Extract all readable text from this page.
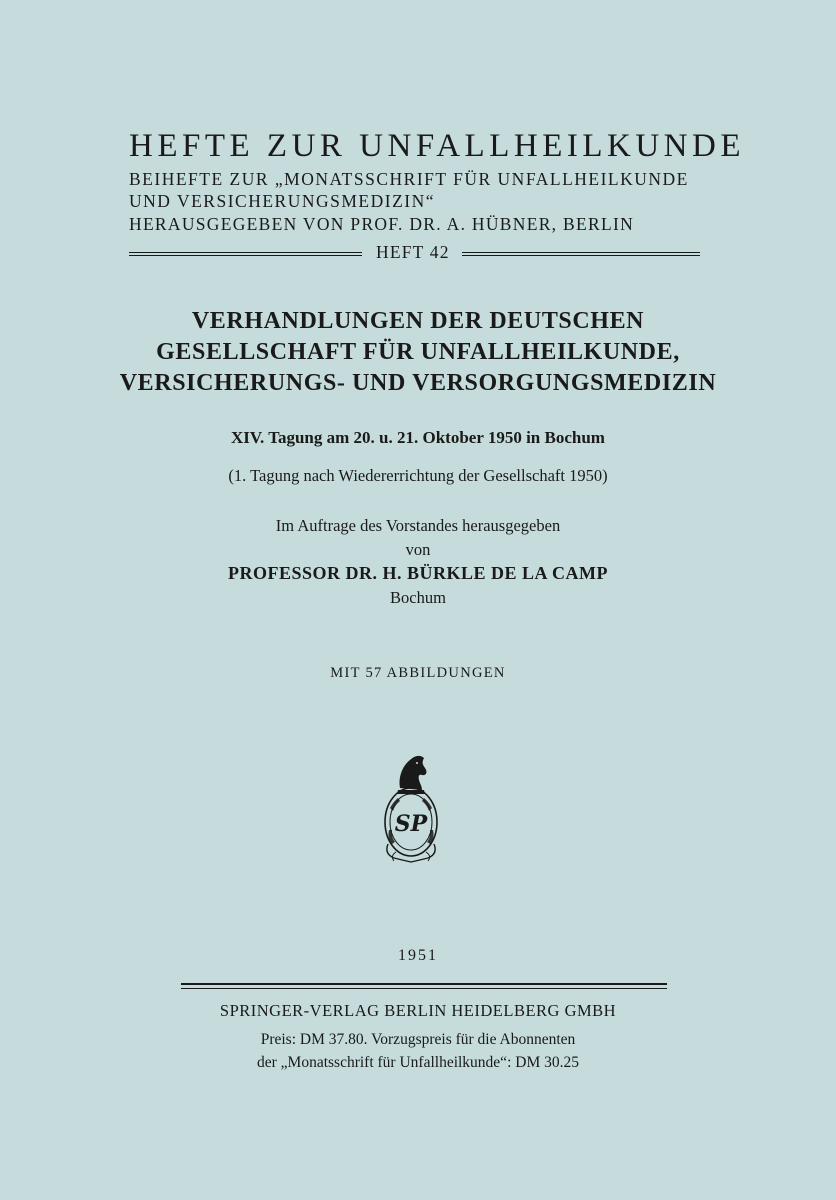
HEFTE ZUR UNFALLHEILKUNDE
BEIHEFTE ZUR „MONATSSCHRIFT FÜR UNFALLHEILKUNDE
UND VERSICHERUNGSMEDIZIN“
HERAUSGEGEBEN VON PROF. DR. A. HÜBNER, BERLIN
HEFT 42
VERHANDLUNGEN DER DEUTSCHEN
GESELLSCHAFT FÜR UNFALLHEILKUNDE,
VERSICHERUNGS- UND VERSORGUNGSMEDIZIN
XIV. Tagung am 20. u. 21. Oktober 1950 in Bochum
(1. Tagung nach Wiedererrichtung der Gesellschaft 1950)
Im Auftrage des Vorstandes herausgegeben
von
PROFESSOR DR. H. BÜRKLE DE LA CAMP
Bochum
MIT 57 ABBILDUNGEN
SP
1951
SPRINGER-VERLAG BERLIN HEIDELBERG GMBH
Preis: DM 37.80. Vorzugspreis für die Abonnenten
der „Monatsschrift für Unfallheilkunde“: DM 30.25
